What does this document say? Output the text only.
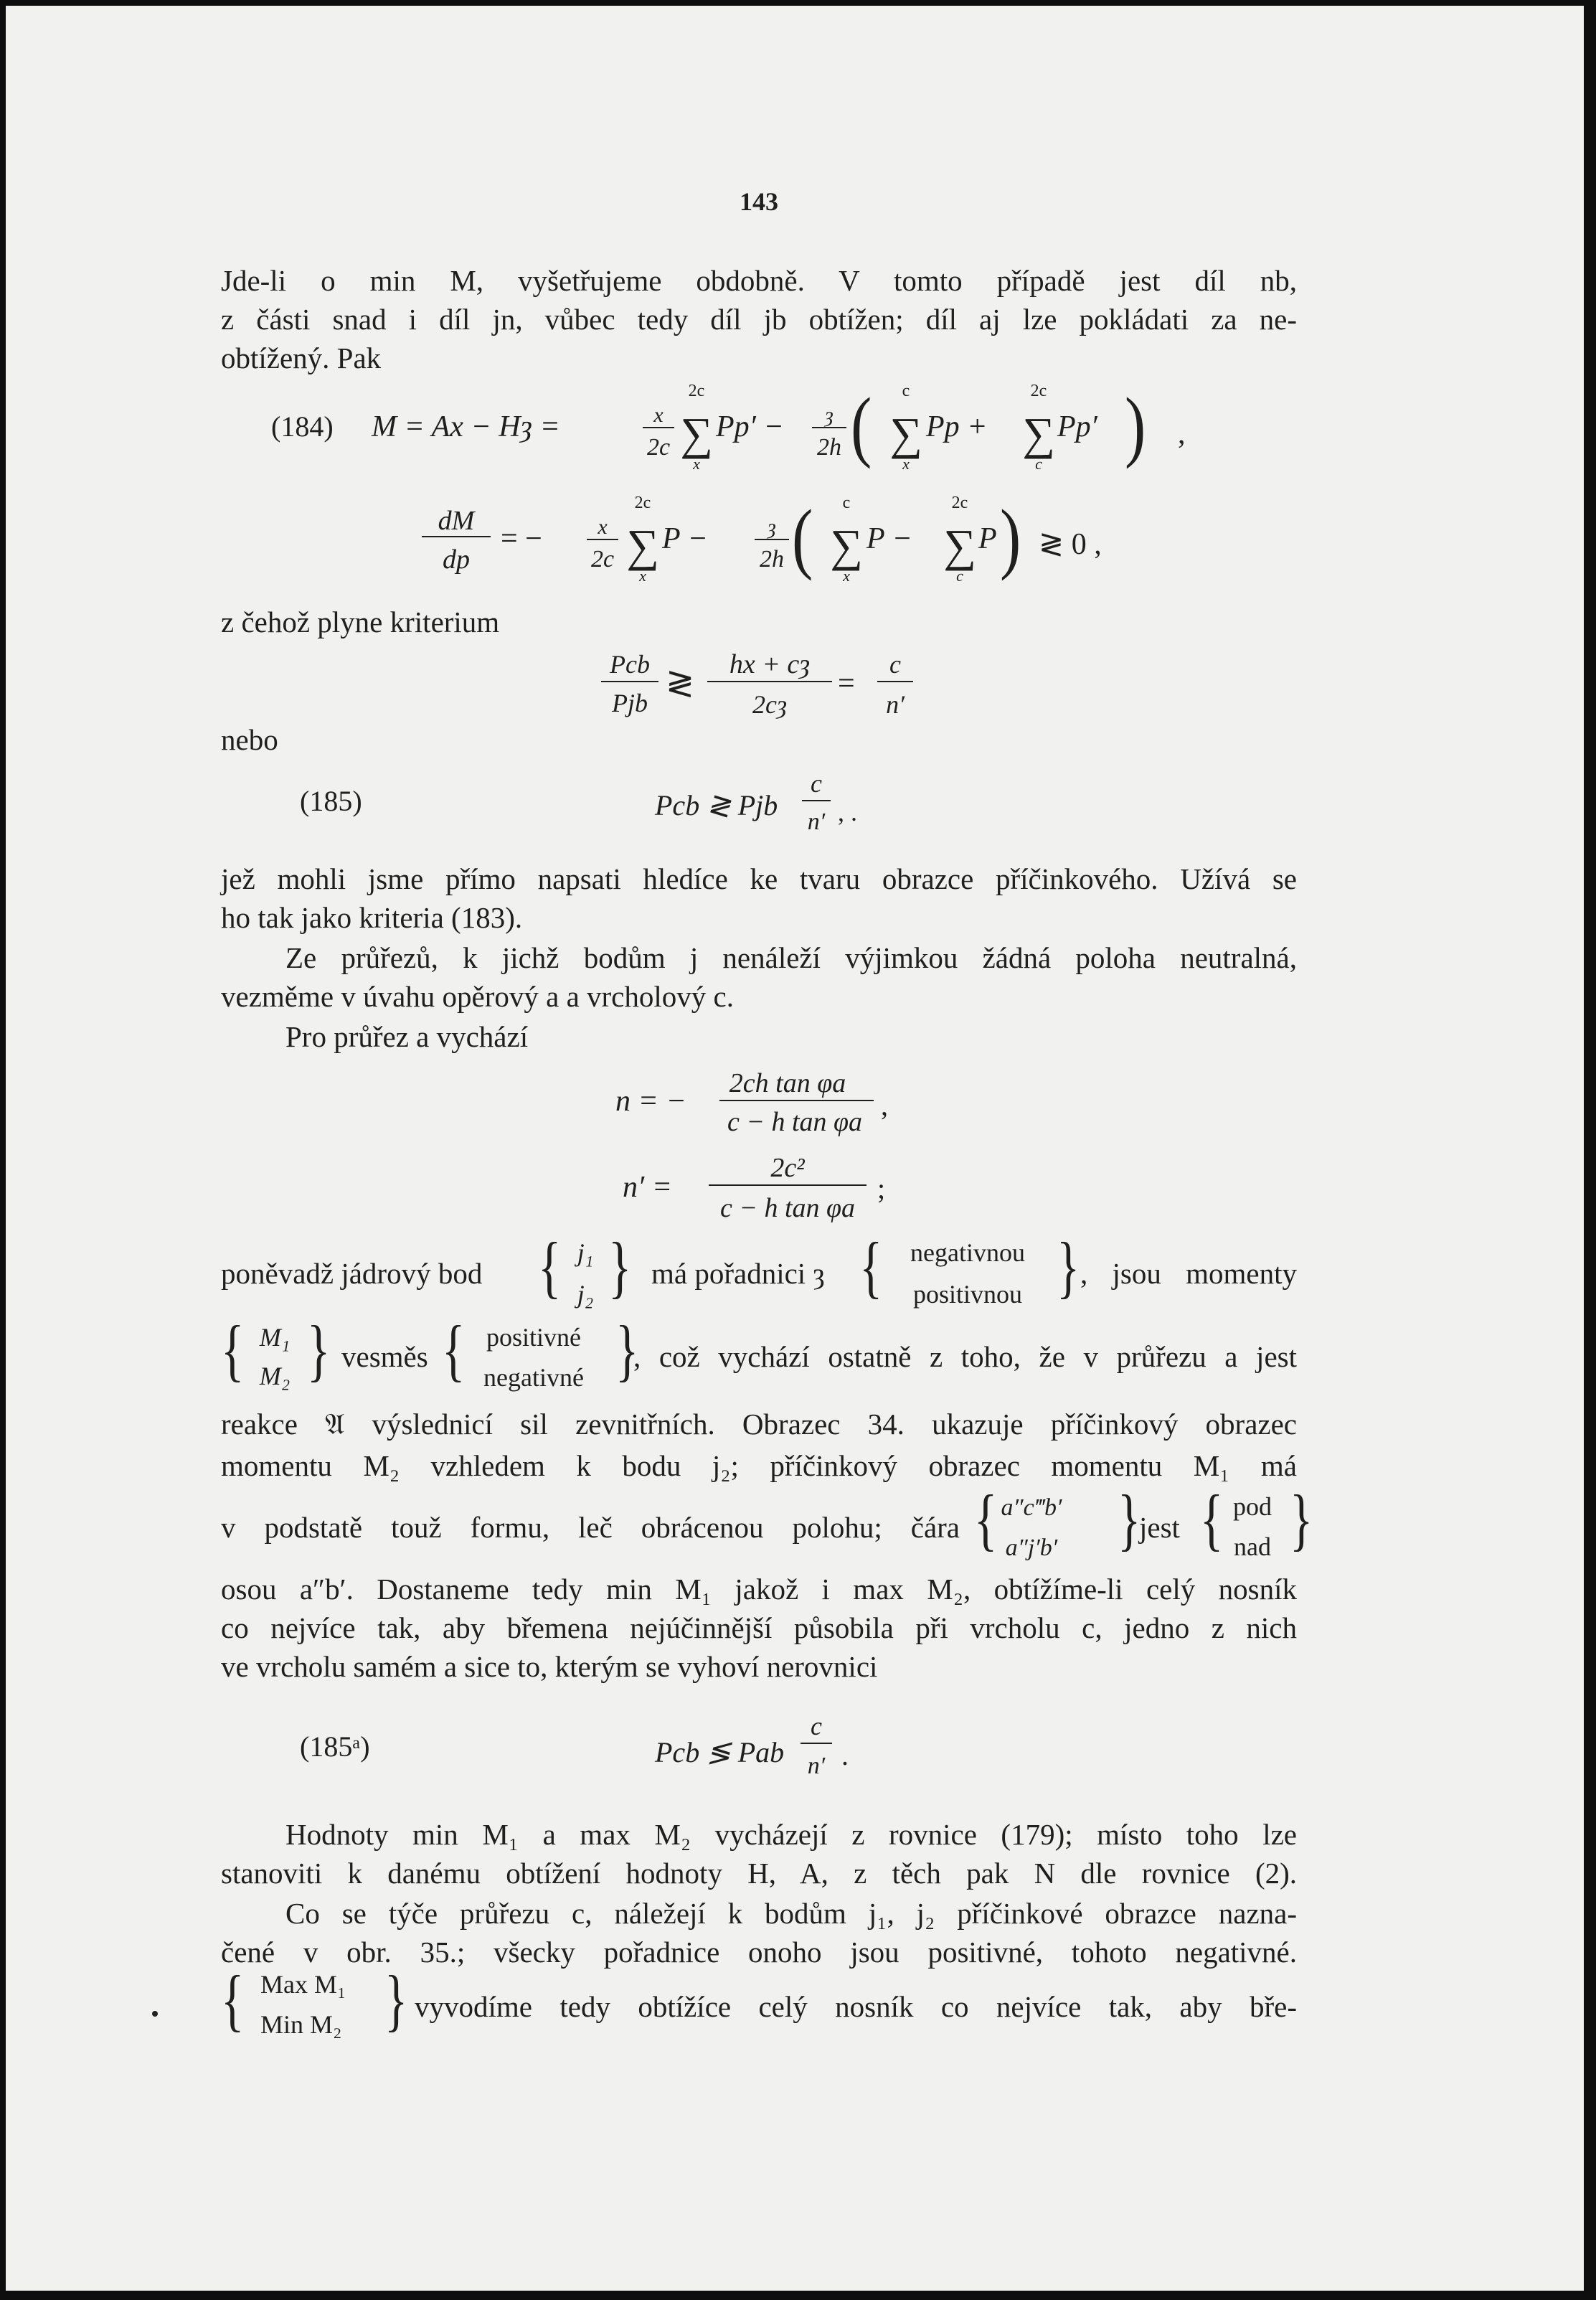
143
Jde-li o min M, vyšetřujeme obdobně. V tomto případě jest díl nb,
z části snad i díl jn, vůbec tedy díl jb obtížen; díl aj lze pokládati za ne-
obtížený. Pak
(184) M = Ax − Hȝ =	x
2c
2c
∑
x
Pp′ − ȝ
2h ( c
∑
x
Pp +
2c
∑
c
Pp′ ) ,
dM
dp
= −	x
2c
2c
∑
x
P −	ȝ
2h ( c
∑
x
P −
2c
∑
c
P ) ≷ 0 ,
z čehož plyne kriterium
Pcb
Pjb
≷ hx + cȝ
2cȝ
=
c
n′
nebo
(185)	Pcb ≷ Pjb
c
n′ , .
jež mohli jsme přímo napsati hledíce ke tvaru obrazce příčinkového. Užívá se
ho tak jako kriteria (183).
Ze průřezů, k jichž bodům j nenáleží výjimkou žádná poloha neutralná,
vezměme v úvahu opěrový a a vrcholový c.
Pro průřez a vychází
n = −
2ch tan φa
c − h tan φa
,
n′ =
2c²
c − h tan φa
;
poněvadž jádrový bod { j₁
j₂ }	{ negativnou
positivnou }
{ M₁
M₂ } { positivné
negativné }
{ a″c‴b′
a″j′b′ } { pod
nad }
má pořadnici ȝ	, jsou momenty
vesměs	, což vychází ostatně z toho, že v průřezu a jest
reakce 𝔄 výslednicí sil zevnitřních. Obrazec 34. ukazuje příčinkový obrazec
momentu M₂ vzhledem k bodu j₂; příčinkový obrazec momentu M₁ má
v podstatě touž formu, leč obrácenou polohu; čára	jest
osou a″b′. Dostaneme tedy min M₁ jakož i max M₂, obtížíme-li celý nosník
co nejvíce tak, aby břemena nejúčinnější působila při vrcholu c, jedno z nich
ve vrcholu samém a sice to, kterým se vyhoví nerovnici
(185ᵃ)	Pcb ≶ Pab
c
n′ .
Hodnoty min M₁ a max M₂ vycházejí z rovnice (179); místo toho lze
stanoviti k danému obtížení hodnoty H, A, z těch pak N dle rovnice (2).
Co se týče průřezu c, náležejí k bodům j₁, j₂ příčinkové obrazce nazna-
čené v obr. 35.; všecky pořadnice onoho jsou positivné, tohoto negativné.
{ Max M₁
Min M₂ } vyvodíme tedy obtížíce celý nosník co nejvíce tak, aby bře-
